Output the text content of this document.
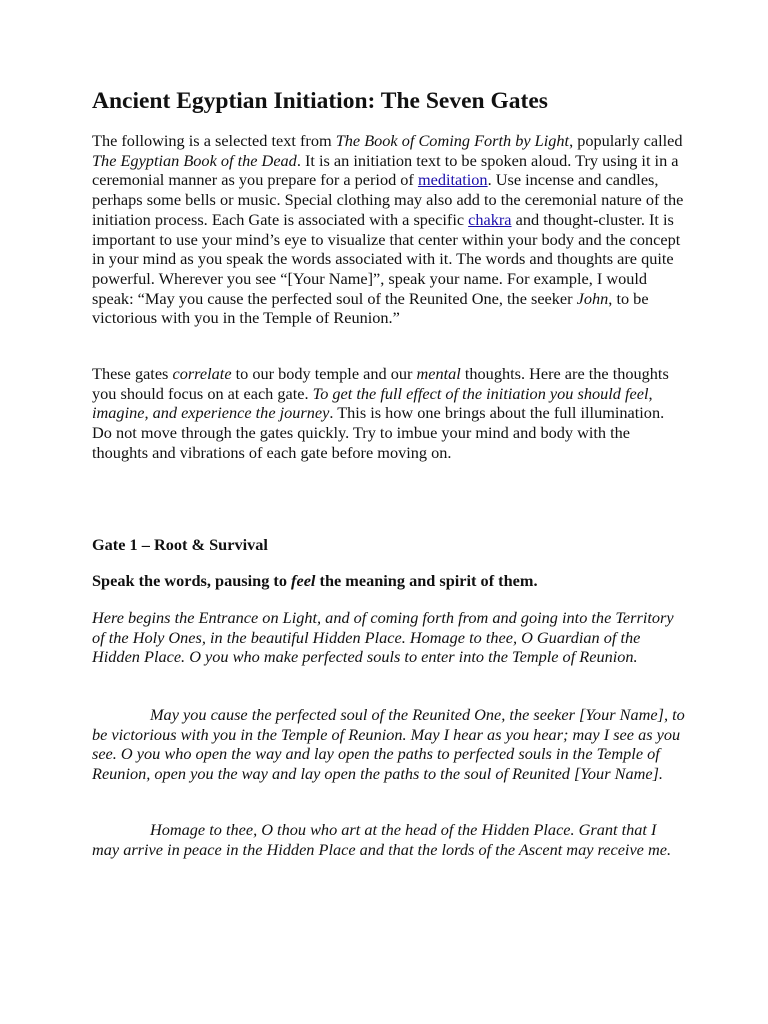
Ancient Egyptian Initiation: The Seven Gates

The following is a selected text from The Book of Coming Forth by Light, popularly called The Egyptian Book of the Dead. It is an initiation text to be spoken aloud. Try using it in a ceremonial manner as you prepare for a period of meditation. Use incense and candles, perhaps some bells or music. Special clothing may also add to the ceremonial nature of the initiation process. Each Gate is associated with a specific chakra and thought-cluster. It is important to use your mind’s eye to visualize that center within your body and the concept in your mind as you speak the words associated with it. The words and thoughts are quite powerful. Wherever you see “[Your Name]”, speak your name. For example, I would speak: “May you cause the perfected soul of the Reunited One, the seeker John, to be victorious with you in the Temple of Reunion.”

These gates correlate to our body temple and our mental thoughts. Here are the thoughts you should focus on at each gate. To get the full effect of the initiation you should feel, imagine, and experience the journey. This is how one brings about the full illumination. Do not move through the gates quickly. Try to imbue your mind and body with the thoughts and vibrations of each gate before moving on.

Gate 1 – Root & Survival

Speak the words, pausing to feel the meaning and spirit of them.

Here begins the Entrance on Light, and of coming forth from and going into the Territory of the Holy Ones, in the beautiful Hidden Place. Homage to thee, O Guardian of the Hidden Place. O you who make perfected souls to enter into the Temple of Reunion.

May you cause the perfected soul of the Reunited One, the seeker [Your Name], to be victorious with you in the Temple of Reunion. May I hear as you hear; may I see as you see. O you who open the way and lay open the paths to perfected souls in the Temple of Reunion, open you the way and lay open the paths to the soul of Reunited [Your Name].

Homage to thee, O thou who art at the head of the Hidden Place. Grant that I may arrive in peace in the Hidden Place and that the lords of the Ascent may receive me.
